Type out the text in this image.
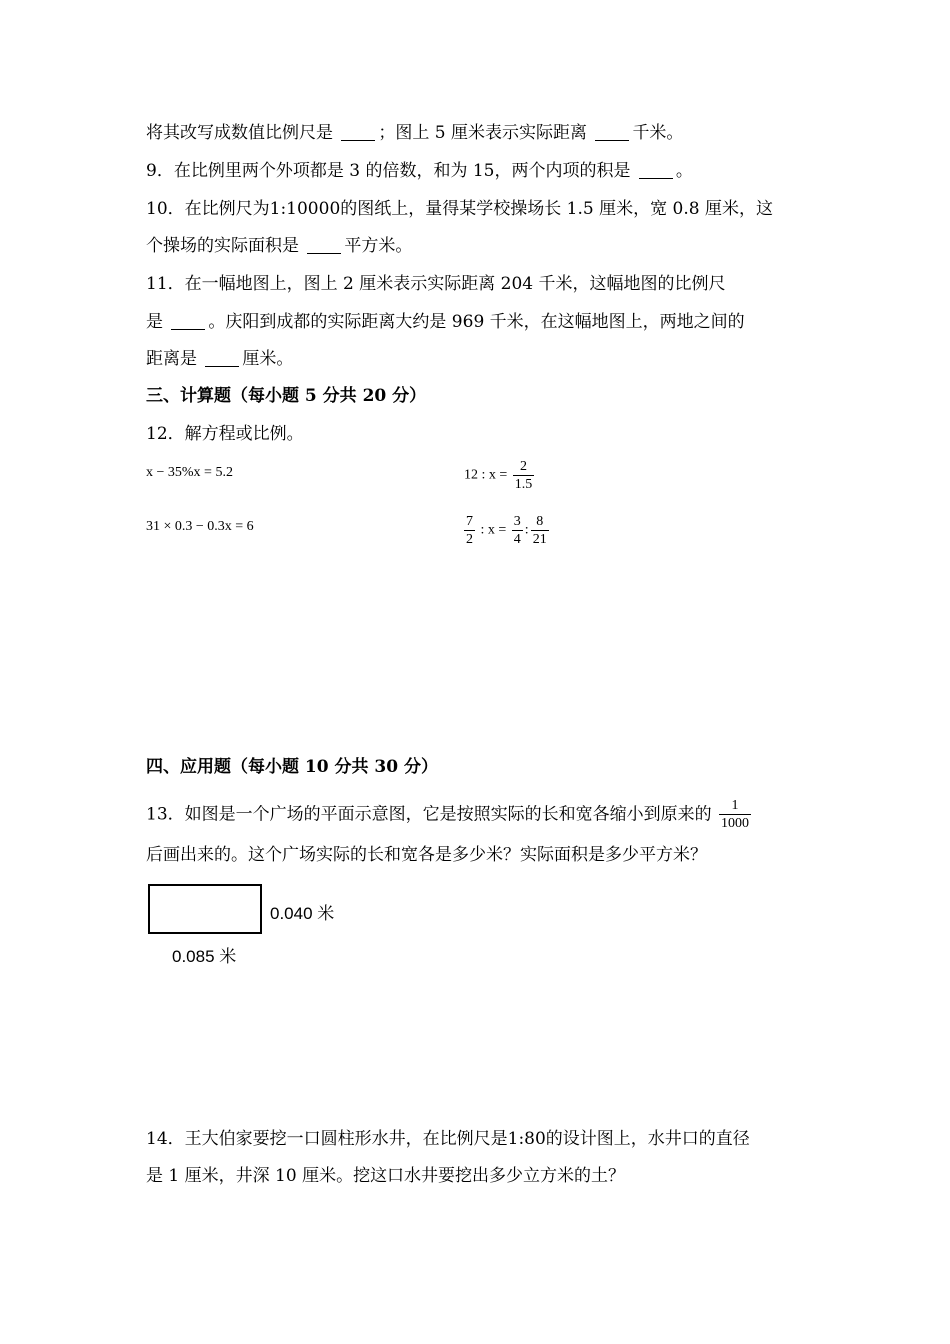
将其改写成数值比例尺是 ；图上 5 厘米表示实际距离 千米。
9．在比例里两个外项都是 3 的倍数，和为 15，两个内项的积是 。
10．在比例尺为1:10000的图纸上，量得某学校操场长 1.5 厘米，宽 0.8 厘米，这
个操场的实际面积是 平方米。
11．在一幅地图上，图上 2 厘米表示实际距离 204 千米，这幅地图的比例尺
是 。庆阳到成都的实际距离大约是 969 千米，在这幅地图上，两地之间的
距离是 厘米。
三、计算题（每小题 5 分共 20 分）
12．解方程或比例。
x − 35%x = 5.2	12 : $x = \frac{2}{1.5}$
31 × 0.3 − 0.3x = 6	$\frac{7}{2}$ : $x = \frac{3}{4}$ : $\frac{8}{21}$
四、应用题（每小题 10 分共 30 分）
13．如图是一个广场的平面示意图，它是按照实际的长和宽各缩小到原来的 $\frac{1}{1000}$
后画出来的。这个广场实际的长和宽各是多少米？实际面积是多少平方米？
0.040 米
0.085 米
14．王大伯家要挖一口圆柱形水井，在比例尺是1:80的设计图上，水井口的直径
是 1 厘米，井深 10 厘米。挖这口水井要挖出多少立方米的土？
